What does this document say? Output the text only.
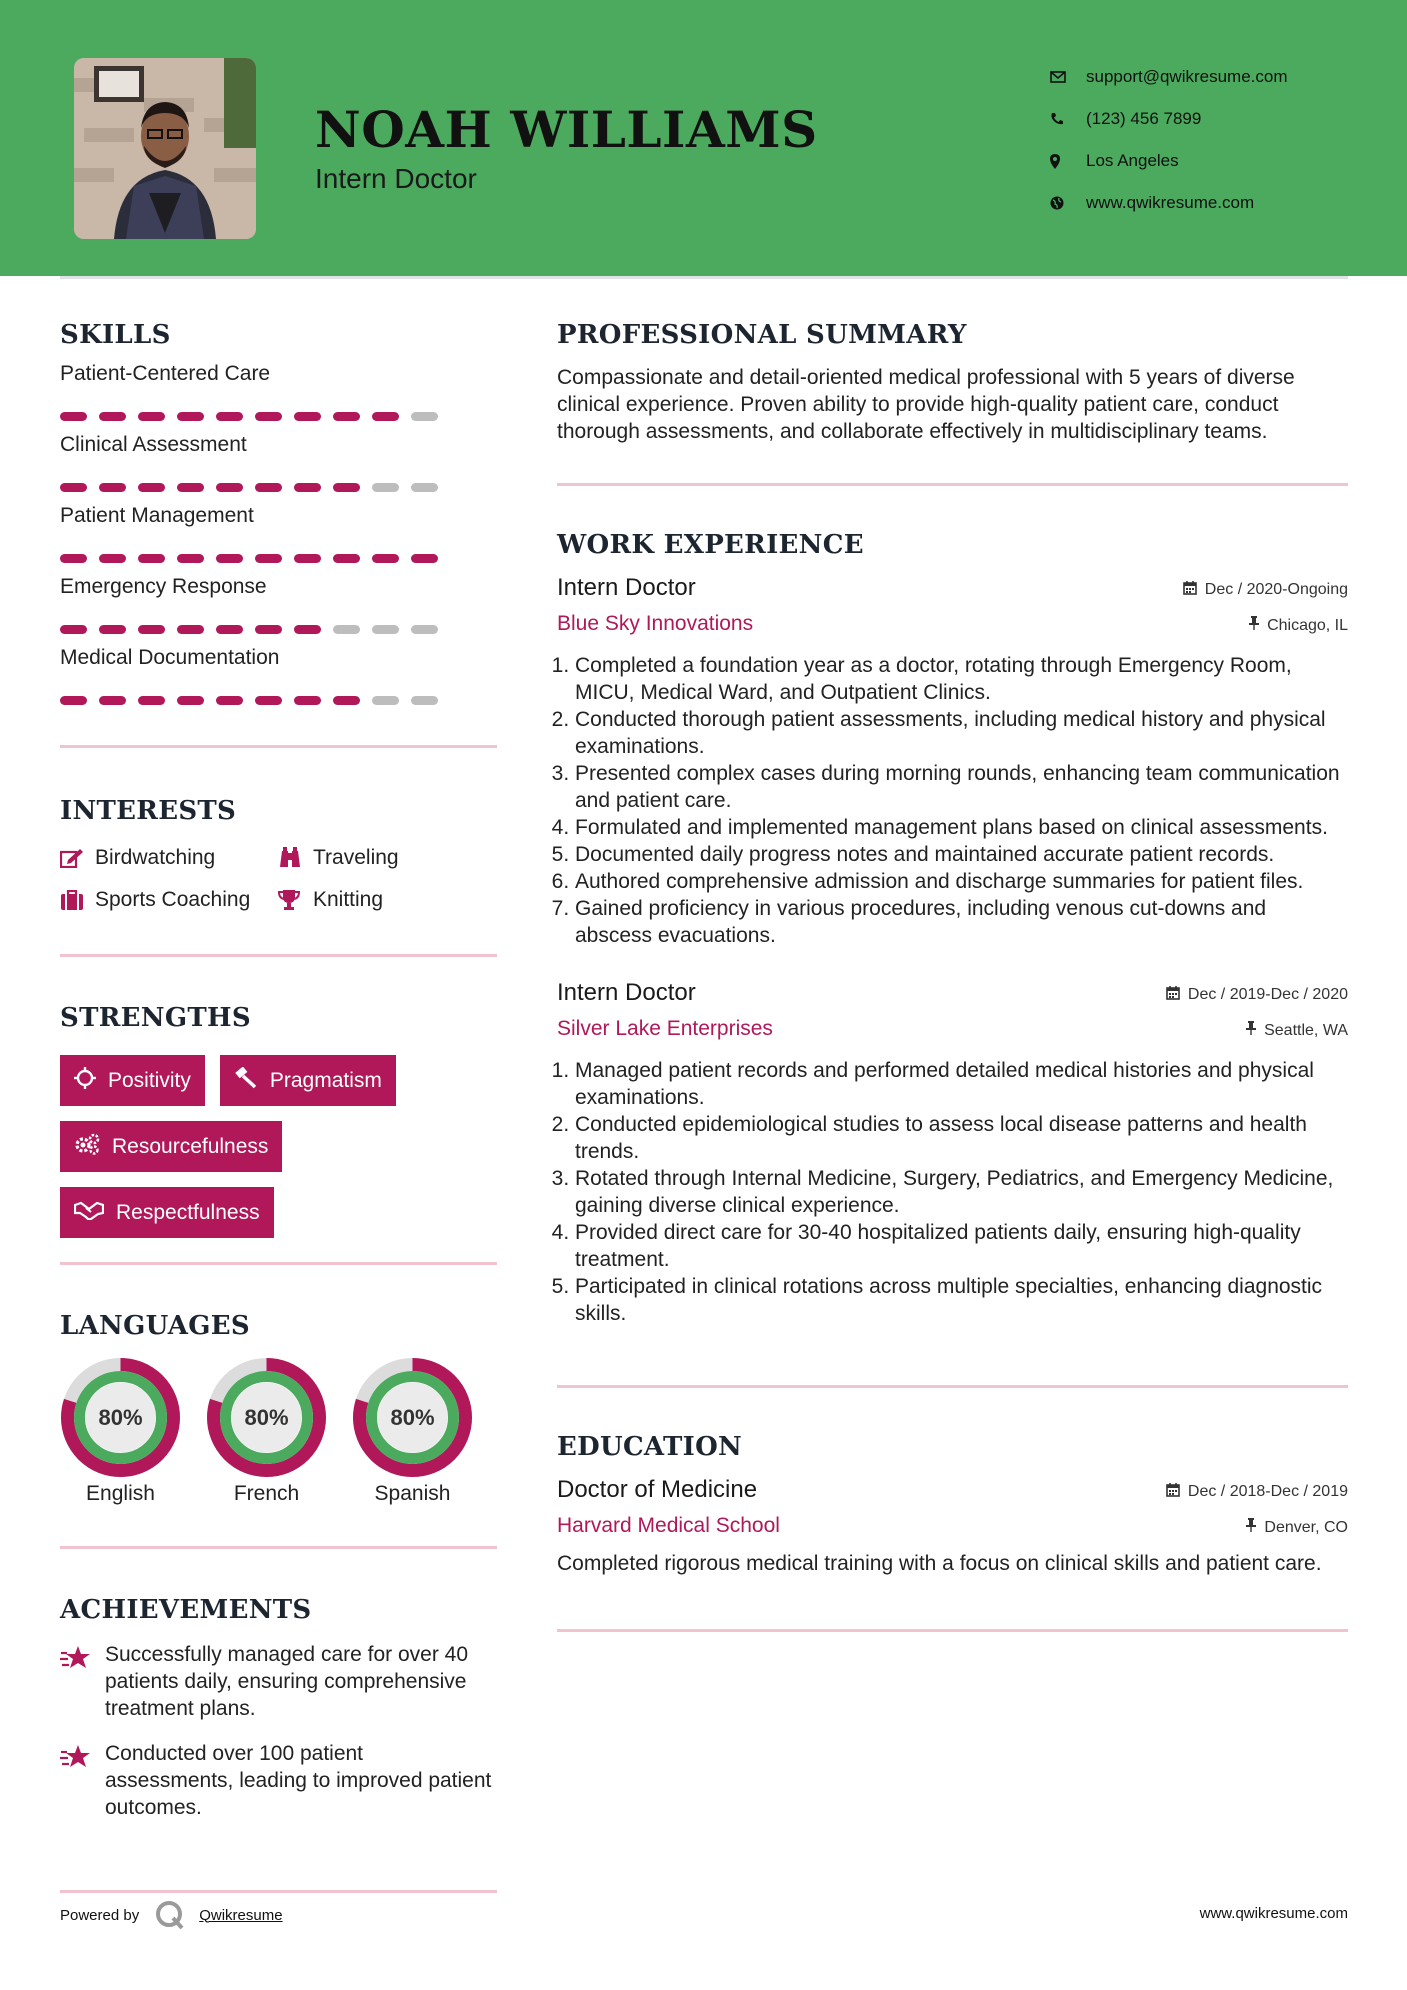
NOAH WILLIAMS
Intern Doctor
support@qwikresume.com
(123) 456 7899
Los Angeles
www.qwikresume.com
SKILLS
Patient-Centered Care
Clinical Assessment
Patient Management
Emergency Response
Medical Documentation
INTERESTS
Birdwatching	Traveling
Sports Coaching	Knitting
STRENGTHS
Positivity	Pragmatism
Resourcefulness
Respectfulness
LANGUAGES
80%
English
80%
French
80%
Spanish
ACHIEVEMENTS
Successfully managed care for over 40 patients daily, ensuring comprehensive treatment plans.
Conducted over 100 patient assessments, leading to improved patient outcomes.
PROFESSIONAL SUMMARY
Compassionate and detail-oriented medical professional with 5 years of diverse clinical experience. Proven ability to provide high-quality patient care, conduct thorough assessments, and collaborate effectively in multidisciplinary teams.
WORK EXPERIENCE
Intern Doctor	Dec / 2020-Ongoing
Blue Sky Innovations	Chicago, IL
1. Completed a foundation year as a doctor, rotating through Emergency Room, MICU, Medical Ward, and Outpatient Clinics.
2. Conducted thorough patient assessments, including medical history and physical examinations.
3. Presented complex cases during morning rounds, enhancing team communication and patient care.
4. Formulated and implemented management plans based on clinical assessments.
5. Documented daily progress notes and maintained accurate patient records.
6. Authored comprehensive admission and discharge summaries for patient files.
7. Gained proficiency in various procedures, including venous cut-downs and abscess evacuations.
Intern Doctor	Dec / 2019-Dec / 2020
Silver Lake Enterprises	Seattle, WA
1. Managed patient records and performed detailed medical histories and physical examinations.
2. Conducted epidemiological studies to assess local disease patterns and health trends.
3. Rotated through Internal Medicine, Surgery, Pediatrics, and Emergency Medicine, gaining diverse clinical experience.
4. Provided direct care for 30-40 hospitalized patients daily, ensuring high-quality treatment.
5. Participated in clinical rotations across multiple specialties, enhancing diagnostic skills.
EDUCATION
Doctor of Medicine	Dec / 2018-Dec / 2019
Harvard Medical School	Denver, CO
Completed rigorous medical training with a focus on clinical skills and patient care.
Powered by	Qwikresume	www.qwikresume.com
